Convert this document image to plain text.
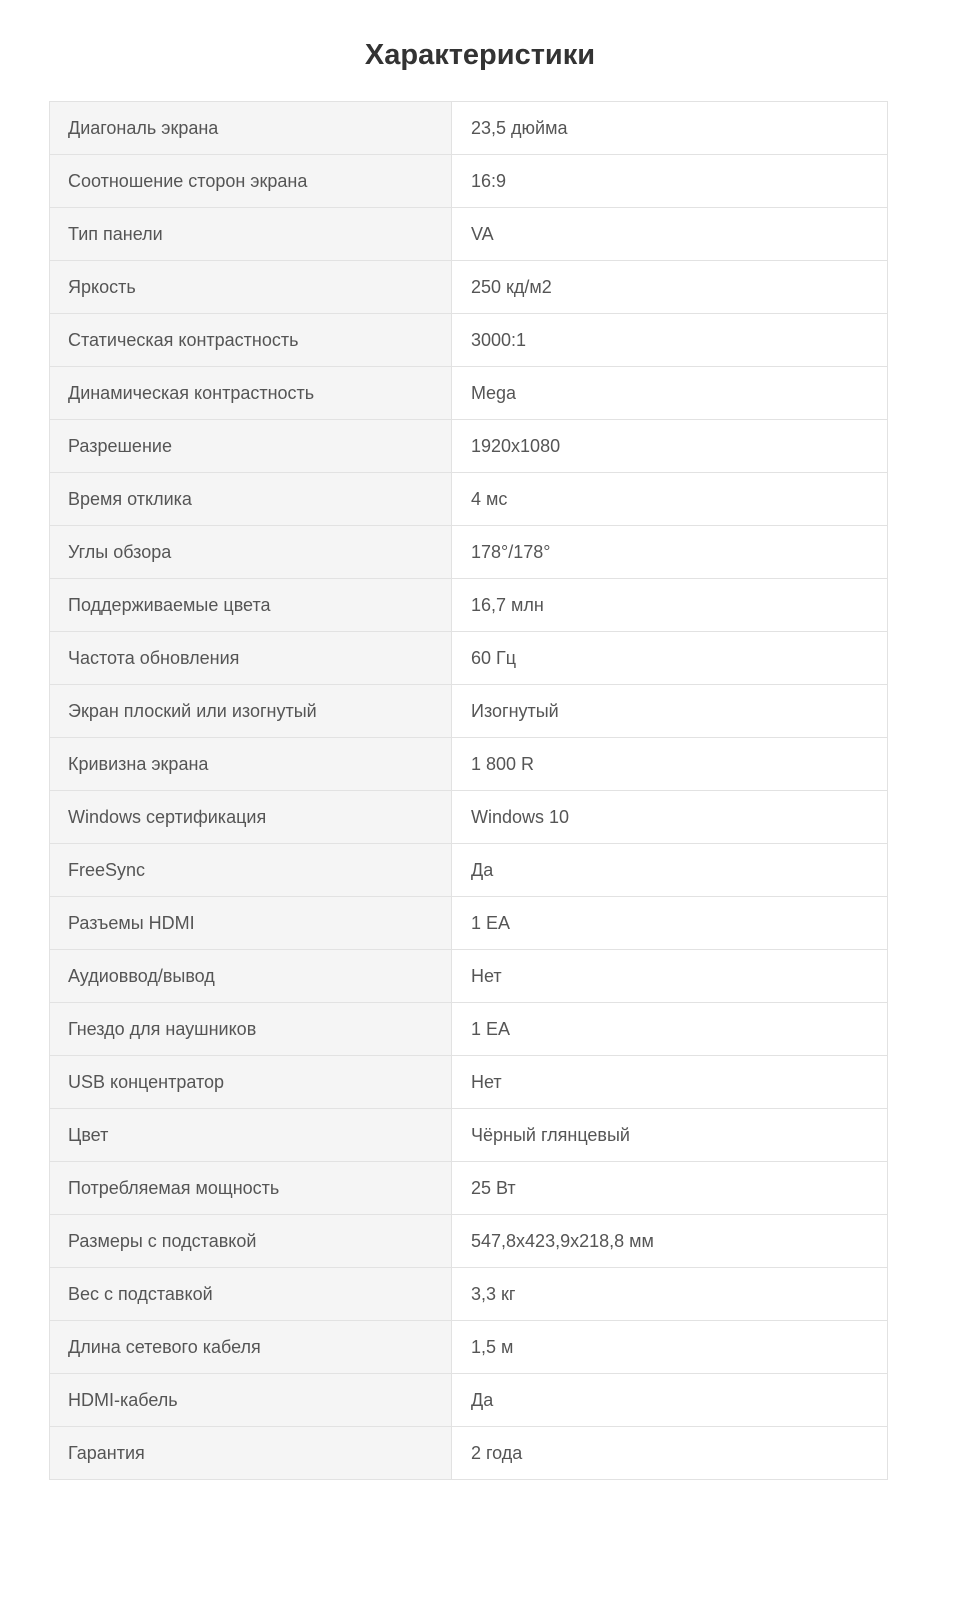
Характеристики
Диагональ экрана	23,5 дюйма
Соотношение сторон экрана	16:9
Тип панели	VA
Яркость	250 кд/м2
Статическая контрастность	3000:1
Динамическая контрастность	Mega
Разрешение	1920x1080
Время отклика	4 мс
Углы обзора	178°/178°
Поддерживаемые цвета	16,7 млн
Частота обновления	60 Гц
Экран плоский или изогнутый	Изогнутый
Кривизна экрана	1 800 R
Windows сертификация	Windows 10
FreeSync	Да
Разъемы HDMI	1 EA
Аудиоввод/вывод	Нет
Гнездо для наушников	1 EA
USB концентратор	Нет
Цвет	Чёрный глянцевый
Потребляемая мощность	25 Вт
Размеры с подставкой	547,8x423,9x218,8 мм
Вес с подставкой	3,3 кг
Длина сетевого кабеля	1,5 м
HDMI-кабель	Да
Гарантия	2 года
